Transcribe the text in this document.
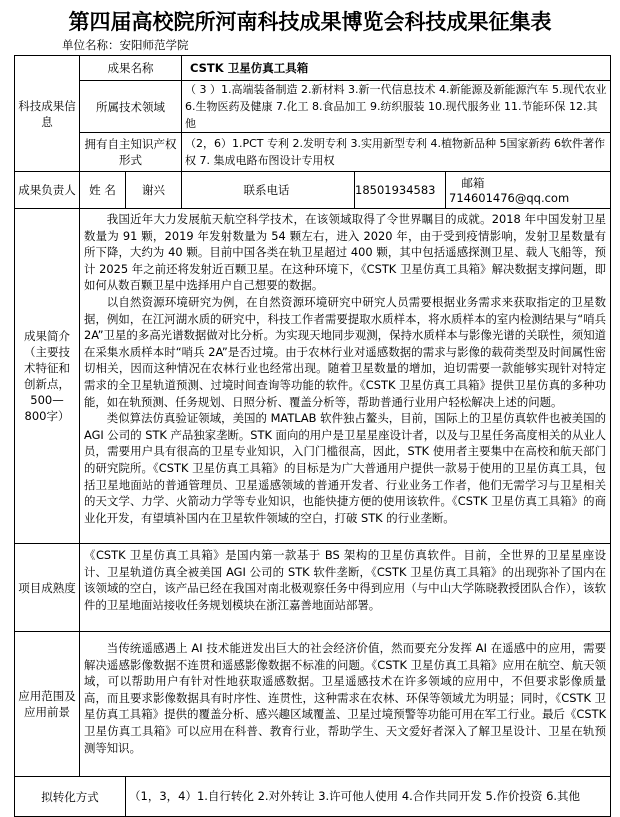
第四届高校院所河南科技成果博览会科技成果征集表
单位名称：安阳师范学院
科技成果信息	成果名称		CSTK 卫星仿真工具箱		
	所属技术领域		（ 3 ）1.高端装备制造 2.新材料 3.新一代信息技术 4.新能源及新能源汽车 5.现代农业 6.生物医药及健康 7.化工 8.食品加工 9.纺织服装 10.现代服务业 11.节能环保 12.其他		
	拥有自主知识产权形式		（2，6）1.PCT 专利 2.发明专利 3.实用新型专利 4.植物新品种 5国家新药 6软件著作权 7. 集成电路布图设计专用权		
成果负责人	姓 名	谢兴	联系电话	18501934583	邮箱714601476@qq.com
成果简介（主要技术特征和创新点，500—800字）	我国近年大力发展航天航空科学技术，在该领域取得了令世界瞩目的成就。2018 年中国发射卫星数量为 91 颗，2019 年发射数量为 54 颗左右，进入 2020 年，由于受到疫情影响，发射卫星数量有所下降，大约为 40 颗。目前中国各类在轨卫星超过 400 颗，其中包括遥感探测卫星、载人飞船等，预计 2025 年之前还将发射近百颗卫星。在这种环境下，《CSTK 卫星仿真工具箱》解决数据支撑问题，即如何从数百颗卫星中选择用户自己想要的数据。

以自然资源环境研究为例，在自然资源环境研究中研究人员需要根据业务需求来获取指定的卫星数据，例如，在江河湖水质的研究中，科技工作者需要提取水质样本，将水质样本的室内检测结果与“哨兵 2A”卫星的多高光谱数据做对比分析。为实现天地同步观测，保持水质样本与影像光谱的关联性，须知道在采集水质样本时“哨兵 2A”是否过境。由于农林行业对遥感数据的需求与影像的载荷类型及时间属性密切相关，因而这种情况在农林行业也经常出现。随着卫星数量的增加，迫切需要一款能够实现针对特定需求的全卫星轨道预测、过境时间查询等功能的软件。《CSTK 卫星仿真工具箱》提供卫星仿真的多种功能，如在轨预测、任务规划、日照分析、覆盖分析等，帮助普通行业用户轻松解决上述的问题。

类似算法仿真验证领域，美国的 MATLAB 软件独占鳌头，目前，国际上的卫星仿真软件也被美国的 AGI 公司的 STK 产品独家垄断。STK 面向的用户是卫星星座设计者，以及与卫星任务高度相关的从业人员，需要用户具有很高的卫星专业知识，入门门槛很高，因此，STK 使用者主要集中在高校和航天部门的研究院所。《CSTK 卫星仿真工具箱》的目标是为广大普通用户提供一款易于使用的卫星仿真工具，包括卫星地面站的普通管理员、卫星遥感领域的普通开发者、行业业务工作者，他们无需学习与卫星相关的天文学、力学、火箭动力学等专业知识，也能快捷方便的使用该软件。《CSTK 卫星仿真工具箱》的商业化开发，有望填补国内在卫星软件领域的空白，打破 STK 的行业垄断。				

项目成熟度	《CSTK 卫星仿真工具箱》是国内第一款基于 BS 架构的卫星仿真软件。目前，全世界的卫星星座设计、卫星轨道仿真全被美国 AGI 公司的 STK 软件垄断，《CSTK 卫星仿真工具箱》的出现弥补了国内在该领域的空白，该产品已经在我国对南北极观察任务中得到应用（与中山大学陈晓教授团队合作），该软件的卫星地面站接收任务规划模块在浙江嘉善地面站部署。				

应用范围及应用前景	当传统遥感遇上 AI 技术能迸发出巨大的社会经济价值，然而要充分发挥 AI 在遥感中的应用，需要解决遥感影像数据不连贯和遥感影像数据不标准的问题。《CSTK 卫星仿真工具箱》应用在航空、航天领域，可以帮助用户有针对性地获取遥感数据。卫星遥感技术在许多领域的应用中，不但要求影像质量高，而且要求影像数据具有时序性、连贯性，这种需求在农林、环保等领域尤为明显；同时，《CSTK 卫星仿真工具箱》提供的覆盖分析、感兴趣区域覆盖、卫星过境预警等功能可用在军工行业。最后《CSTK 卫星仿真工具箱》可以应用在科普、教育行业，帮助学生、天文爱好者深入了解卫星设计、卫星在轨预测等知识。				

拟转化方式		（1，3，4）1.自行转化 2.对外转让 3.许可他人使用 4.合作共同开发 5.作价投资 6.其他			
